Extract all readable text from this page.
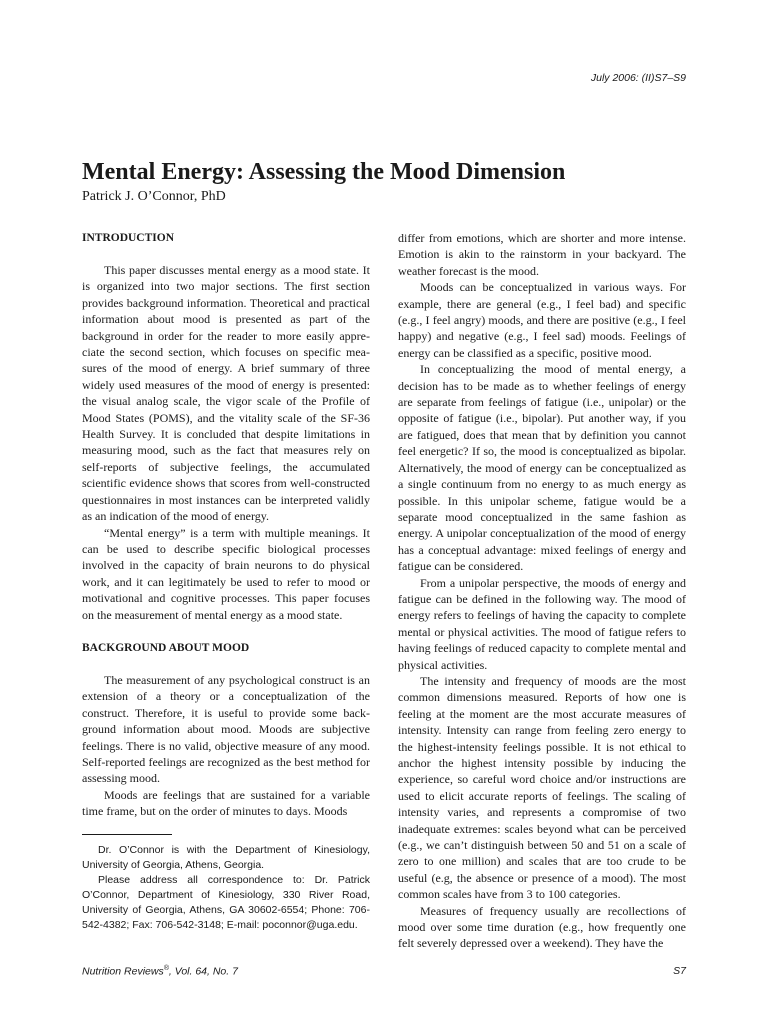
July 2006: (II)S7–S9
Mental Energy: Assessing the Mood Dimension
Patrick J. O’Connor, PhD
INTRODUCTION

This paper discusses mental energy as a mood state. It is organized into two major sections. The first section provides background information. Theoretical and practical information about mood is presented as part of the background in order for the reader to more easily appreciate the second section, which focuses on specific measures of the mood of energy. A brief summary of three widely used measures of the mood of energy is presented: the visual analog scale, the vigor scale of the Profile of Mood States (POMS), and the vitality scale of the SF-36 Health Survey. It is concluded that despite limitations in measuring mood, such as the fact that measures rely on self-reports of subjective feelings, the accumulated scientific evidence shows that scores from well-constructed questionnaires in most instances can be interpreted validly as an indication of the mood of energy.

“Mental energy” is a term with multiple meanings. It can be used to describe specific biological processes involved in the capacity of brain neurons to do physical work, and it can legitimately be used to refer to mood or motivational and cognitive processes. This paper focuses on the measurement of mental energy as a mood state.

BACKGROUND ABOUT MOOD

The measurement of any psychological construct is an extension of a theory or a conceptualization of the construct. Therefore, it is useful to provide some background information about mood. Moods are subjective feelings. There is no valid, objective measure of any mood. Self-reported feelings are recognized as the best method for assessing mood.

Moods are feelings that are sustained for a variable time frame, but on the order of minutes to days. Moods

differ from emotions, which are shorter and more intense. Emotion is akin to the rainstorm in your backyard. The weather forecast is the mood.

Moods can be conceptualized in various ways. For example, there are general (e.g., I feel bad) and specific (e.g., I feel angry) moods, and there are positive (e.g., I feel happy) and negative (e.g., I feel sad) moods. Feelings of energy can be classified as a specific, positive mood.

In conceptualizing the mood of mental energy, a decision has to be made as to whether feelings of energy are separate from feelings of fatigue (i.e., unipolar) or the opposite of fatigue (i.e., bipolar). Put another way, if you are fatigued, does that mean that by definition you cannot feel energetic? If so, the mood is conceptualized as bipolar. Alternatively, the mood of energy can be conceptualized as a single continuum from no energy to as much energy as possible. In this unipolar scheme, fatigue would be a separate mood conceptualized in the same fashion as energy. A unipolar conceptualization of the mood of energy has a conceptual advantage: mixed feelings of energy and fatigue can be considered.

From a unipolar perspective, the moods of energy and fatigue can be defined in the following way. The mood of energy refers to feelings of having the capacity to complete mental or physical activities. The mood of fatigue refers to having feelings of reduced capacity to complete mental and physical activities.

The intensity and frequency of moods are the most common dimensions measured. Reports of how one is feeling at the moment are the most accurate measures of intensity. Intensity can range from feeling zero energy to the highest-intensity feelings possible. It is not ethical to anchor the highest intensity possible by inducing the experience, so careful word choice and/or instructions are used to elicit accurate reports of feelings. The scaling of intensity varies, and represents a compromise of two inadequate extremes: scales beyond what can be perceived (e.g., we can’t distinguish between 50 and 51 on a scale of zero to one million) and scales that are too crude to be useful (e.g, the absence or presence of a mood). The most common scales have from 3 to 100 categories.

Measures of frequency usually are recollections of mood over some time duration (e.g., how frequently one felt severely depressed over a weekend). They have the

Dr. O’Connor is with the Department of Kinesiology, University of Georgia, Athens, Georgia.

Please address all correspondence to: Dr. Patrick O’Connor, Department of Kinesiology, 330 River Road, University of Georgia, Athens, GA 30602-6554; Phone: 706-542-4382; Fax: 706-542-3148; E-mail: poconnor@uga.edu.

Nutrition Reviews®, Vol. 64, No. 7	S7
